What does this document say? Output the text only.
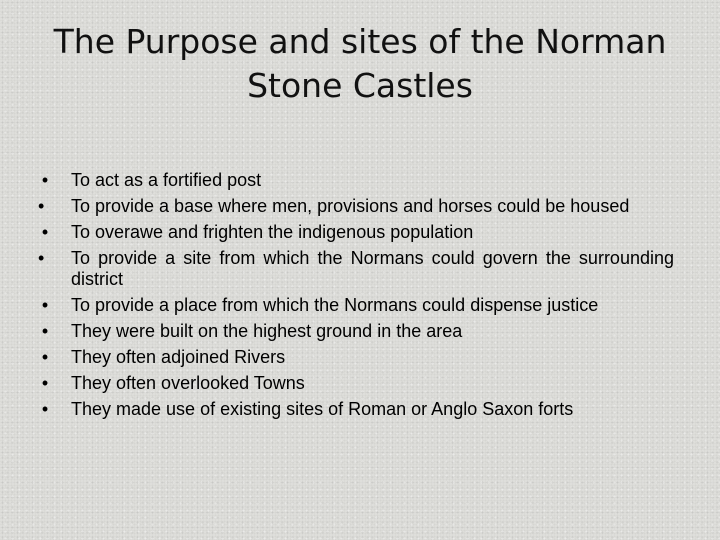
The Purpose and sites of the Norman Stone Castles
• To act as a fortified post
•	To provide a base where men, provisions and horses could be housed
• To overawe and frighten the indigenous population
•	To provide a site from which the Normans could govern the surrounding district
• To provide a place from which the Normans could dispense justice
• They were built on the highest ground in the area
• They often adjoined Rivers
• They often overlooked Towns
• They made use of existing sites of Roman or Anglo Saxon forts
